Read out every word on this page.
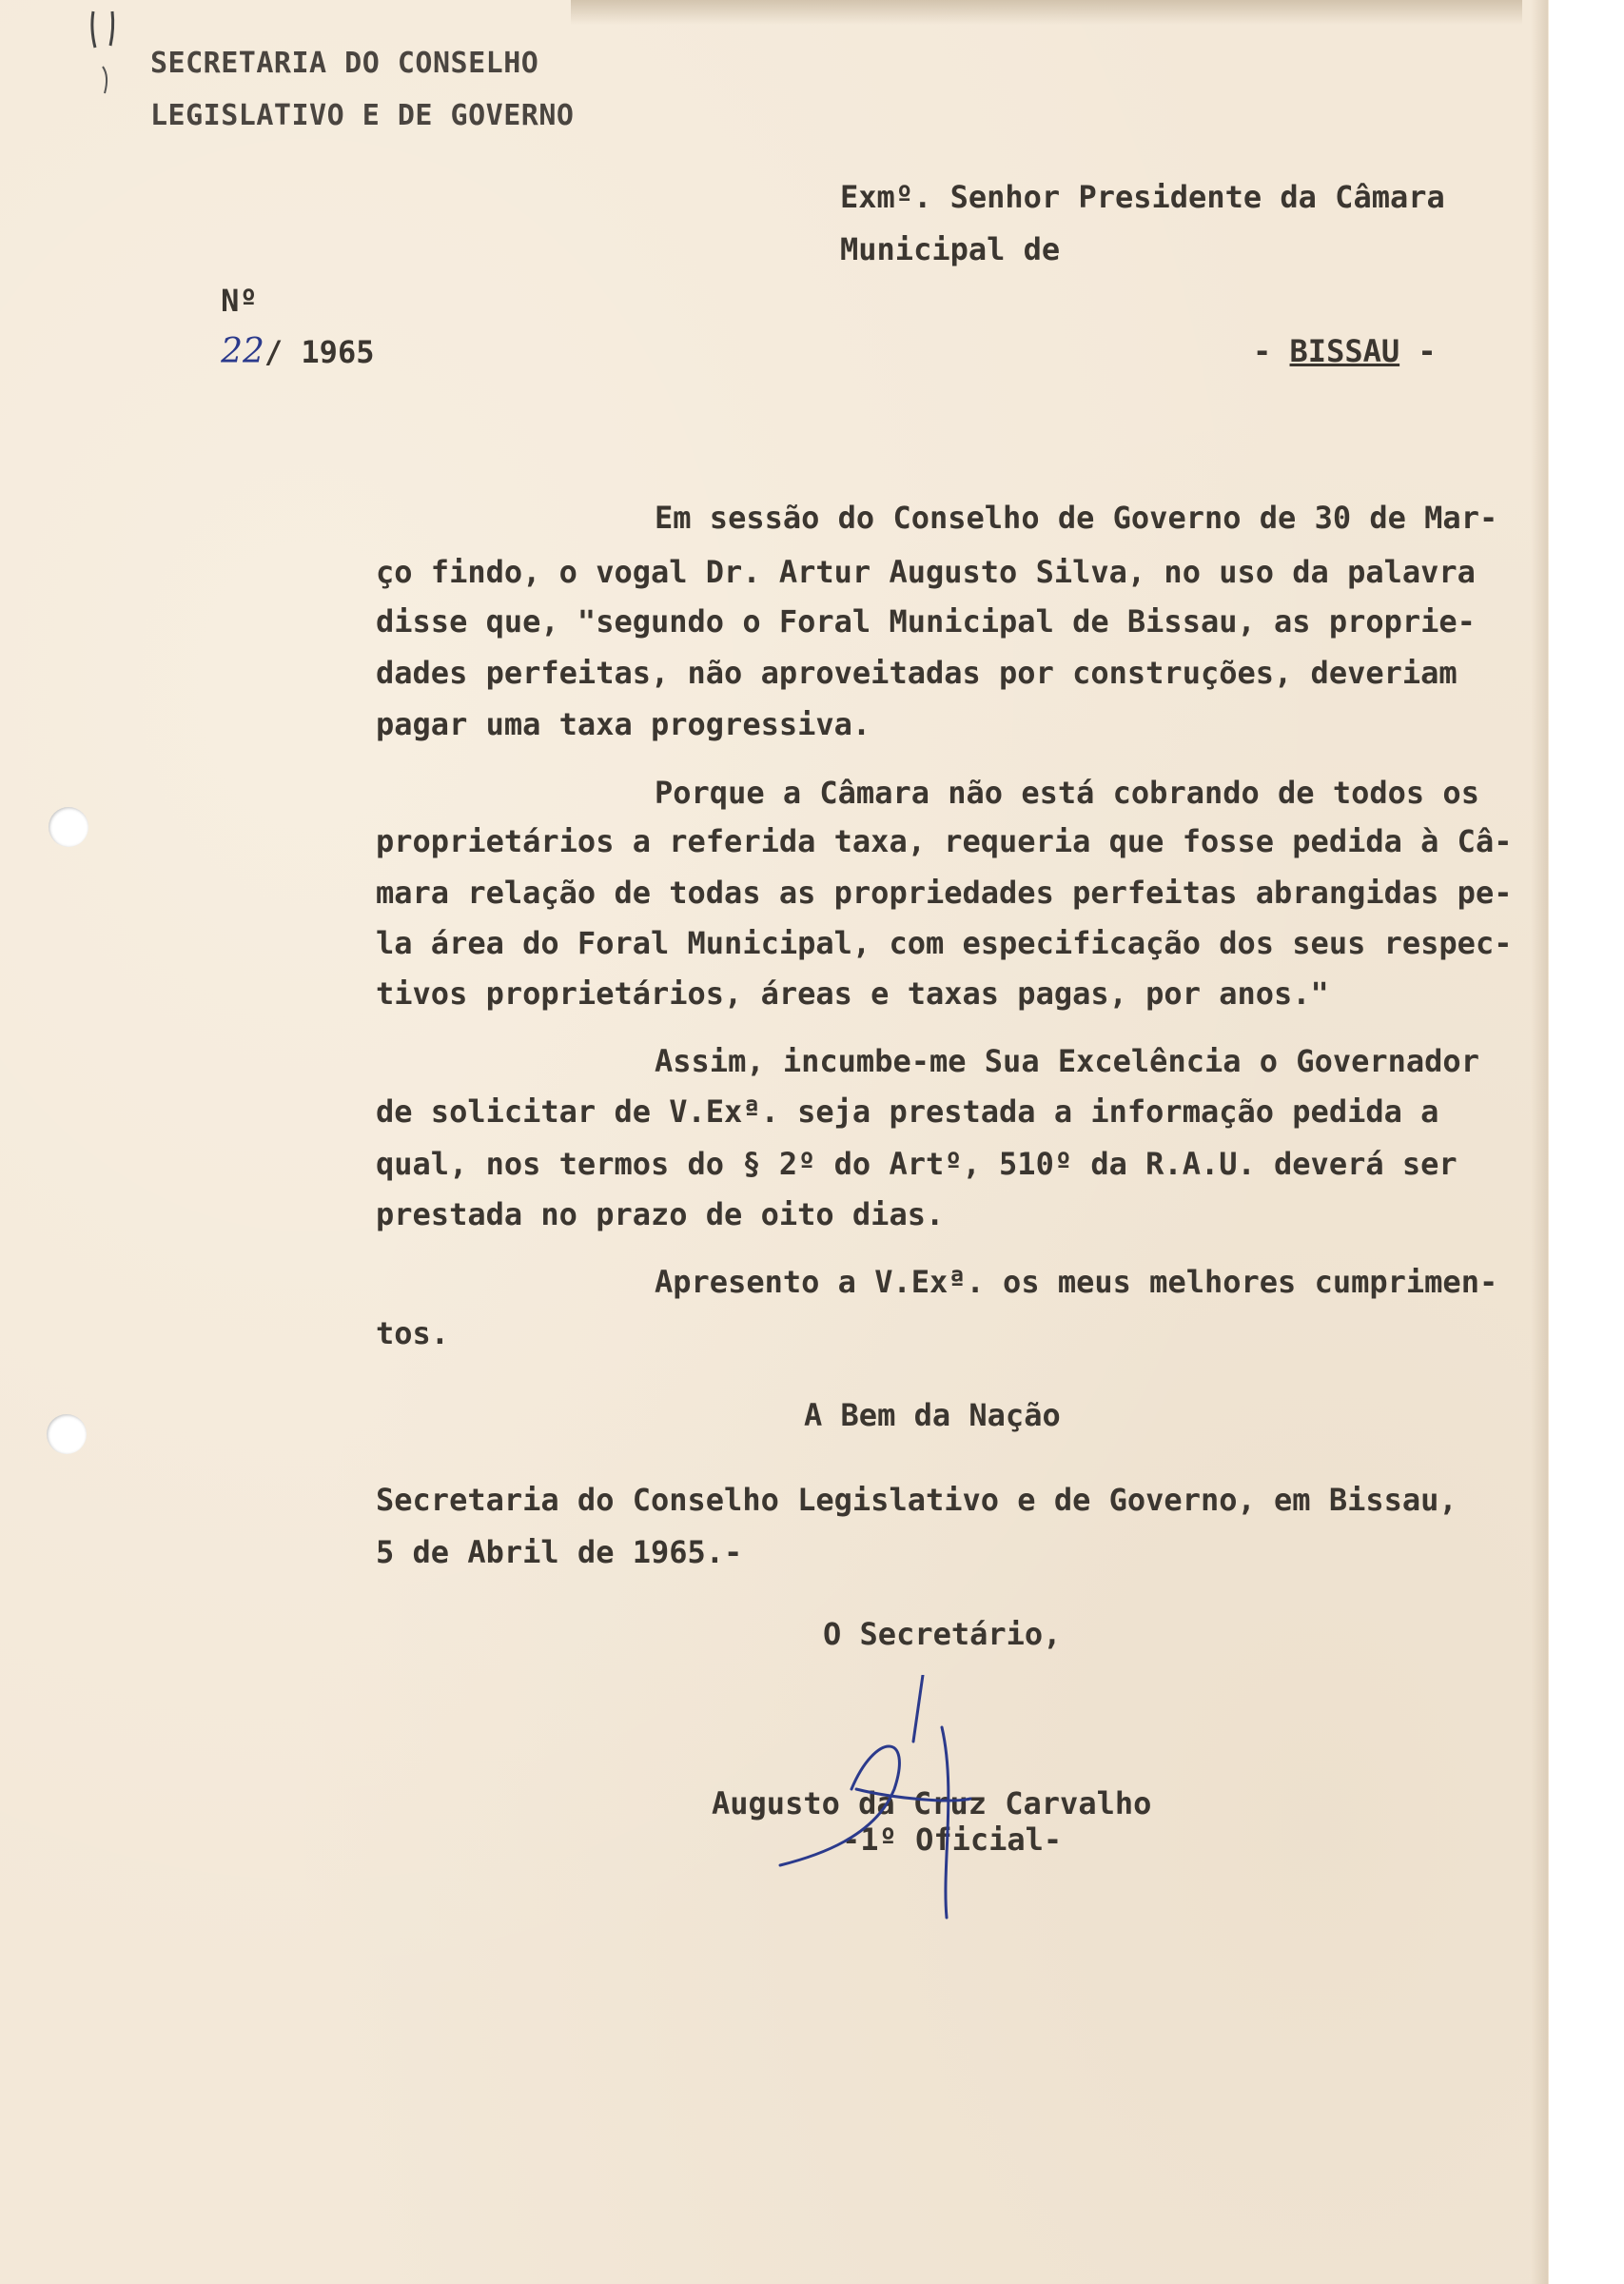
SECRETARIA DO CONSELHO

LEGISLATIVO E DE GOVERNO

Nº
22/ 1965

Exmº. Senhor Presidente da Câmara

Municipal de

- BISSAU -

Em sessão do Conselho de Governo de 30 de Mar-

ço findo, o vogal Dr. Artur Augusto Silva, no uso da palavra

disse que, "segundo o Foral Municipal de Bissau, as proprie-

dades perfeitas, não aproveitadas por construções, deveriam

pagar uma taxa progressiva.

Porque a Câmara não está cobrando de todos os

proprietários a referida taxa, requeria que fosse pedida à Câ-

mara relação de todas as propriedades perfeitas abrangidas pe-

la área do Foral Municipal, com especificação dos seus respec-

tivos proprietários, áreas e taxas pagas, por anos."

Assim, incumbe-me Sua Excelência o Governador

de solicitar de V.Exª. seja prestada a informação pedida a

qual, nos termos do § 2º do Artº, 510º da R.A.U. deverá ser

prestada no prazo de oito dias.

Apresento a V.Exª. os meus melhores cumprimen-

tos.

A Bem da Nação

Secretaria do Conselho Legislativo e de Governo, em Bissau,

5 de Abril de 1965.-

O Secretário,

Augusto da Cruz Carvalho

-1º Oficial-
